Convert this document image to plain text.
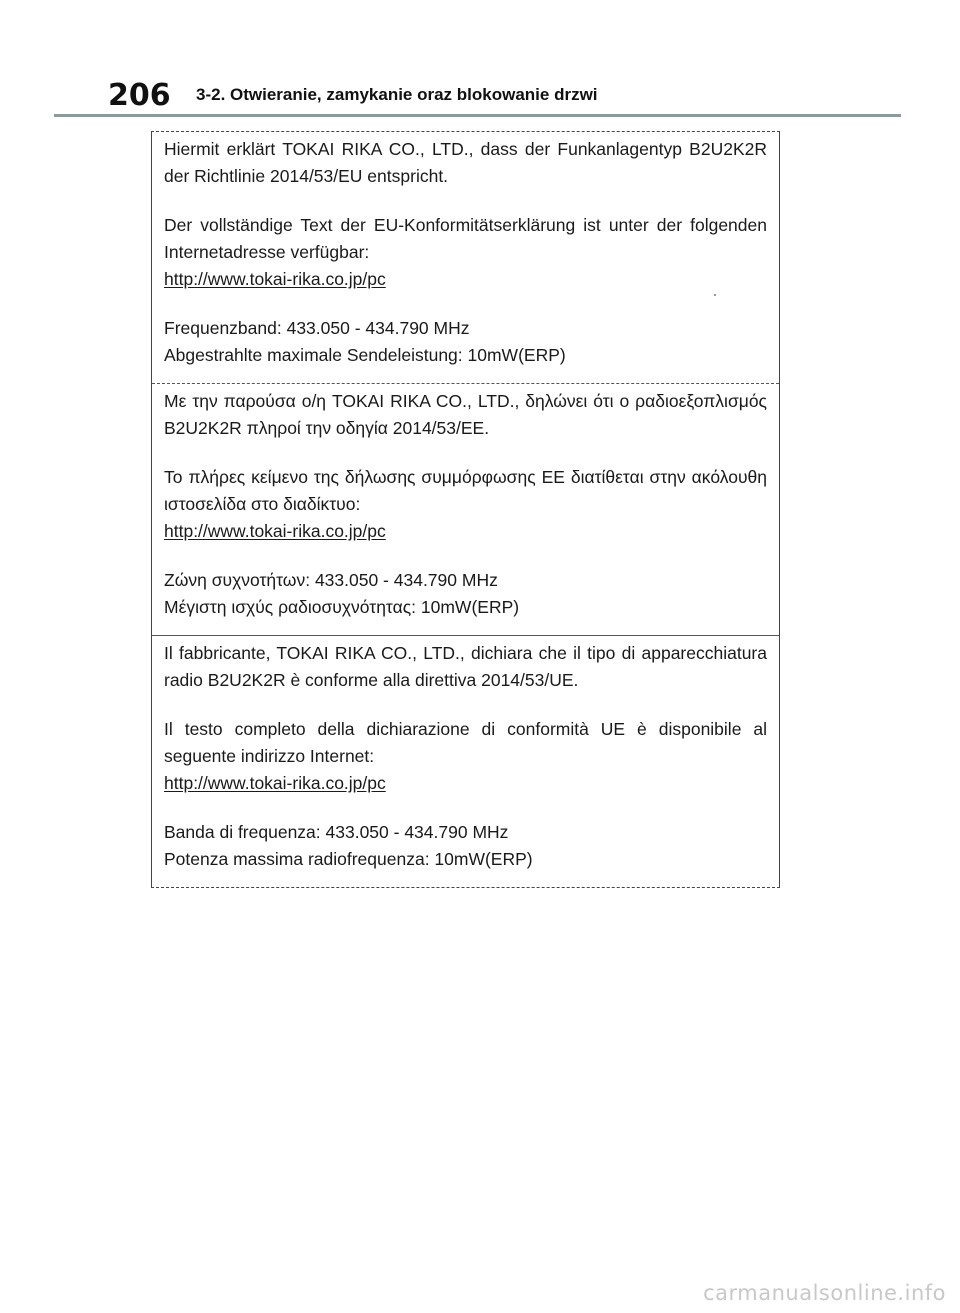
206	3-2. Otwieranie, zamykanie oraz blokowanie drzwi

Hiermit erklärt TOKAI RIKA CO., LTD., dass der Funkanlagentyp B2U2K2R der Richtlinie 2014/53/EU entspricht.

Der vollständige Text der EU-Konformitätserklärung ist unter der folgenden Internetadresse verfügbar:

http://www.tokai-rika.co.jp/pc

Frequenzband: 433.050 - 434.790 MHz

Abgestrahlte maximale Sendeleistung: 10mW(ERP)

Με την παρούσα ο/η TOKAI RIKA CO., LTD., δηλώνει ότι ο ραδιοεξοπλισμός B2U2K2R πληροί την οδηγία 2014/53/ΕΕ.

Το πλήρες κείμενο της δήλωσης συμμόρφωσης ΕΕ διατίθεται στην ακόλουθη ιστοσελίδα στο διαδίκτυο:

http://www.tokai-rika.co.jp/pc

Ζώνη συχνοτήτων: 433.050 - 434.790 MHz

Μέγιστη ισχύς ραδιοσυχνότητας: 10mW(ERP)

Il fabbricante, TOKAI RIKA CO., LTD., dichiara che il tipo di apparecchiatura radio B2U2K2R è conforme alla direttiva 2014/53/UE.

Il testo completo della dichiarazione di conformità UE è disponibile al seguente indirizzo Internet:

http://www.tokai-rika.co.jp/pc

Banda di frequenza: 433.050 - 434.790 MHz

Potenza massima radiofrequenza: 10mW(ERP)

carmanualsonline.info
